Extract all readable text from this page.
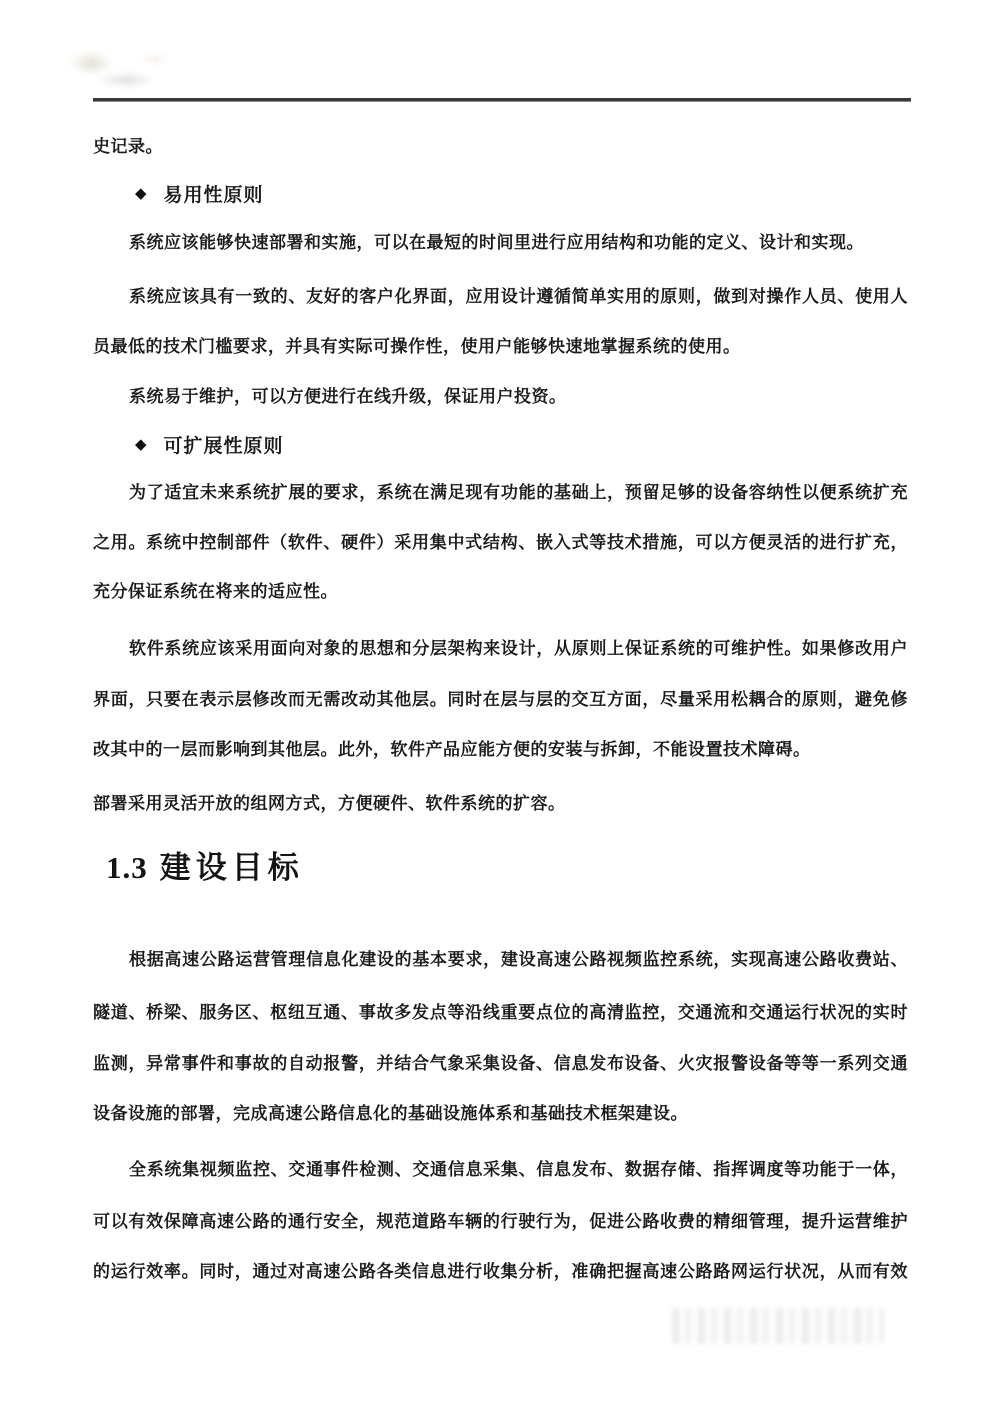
史记录。
◆ 易用性原则
系统应该能够快速部署和实施，可以在最短的时间里进行应用结构和功能的定义、设计和实现。
系统应该具有一致的、友好的客户化界面，应用设计遵循简单实用的原则，做到对操作人员、使用人
员最低的技术门槛要求，并具有实际可操作性，使用户能够快速地掌握系统的使用。
系统易于维护，可以方便进行在线升级，保证用户投资。
◆ 可扩展性原则
为了适宜未来系统扩展的要求，系统在满足现有功能的基础上，预留足够的设备容纳性以便系统扩充
之用。系统中控制部件（软件、硬件）采用集中式结构、嵌入式等技术措施，可以方便灵活的进行扩充，
充分保证系统在将来的适应性。
软件系统应该采用面向对象的思想和分层架构来设计，从原则上保证系统的可维护性。如果修改用户
界面，只要在表示层修改而无需改动其他层。同时在层与层的交互方面，尽量采用松耦合的原则，避免修
改其中的一层而影响到其他层。此外，软件产品应能方便的安装与拆卸，不能设置技术障碍。
部署采用灵活开放的组网方式，方便硬件、软件系统的扩容。
1.3 建设目标
根据高速公路运营管理信息化建设的基本要求，建设高速公路视频监控系统，实现高速公路收费站、
隧道、桥梁、服务区、枢纽互通、事故多发点等沿线重要点位的高清监控，交通流和交通运行状况的实时
监测，异常事件和事故的自动报警，并结合气象采集设备、信息发布设备、火灾报警设备等等一系列交通
设备设施的部署，完成高速公路信息化的基础设施体系和基础技术框架建设。
全系统集视频监控、交通事件检测、交通信息采集、信息发布、数据存储、指挥调度等功能于一体，
可以有效保障高速公路的通行安全，规范道路车辆的行驶行为，促进公路收费的精细管理，提升运营维护
的运行效率。同时，通过对高速公路各类信息进行收集分析，准确把握高速公路路网运行状况，从而有效
